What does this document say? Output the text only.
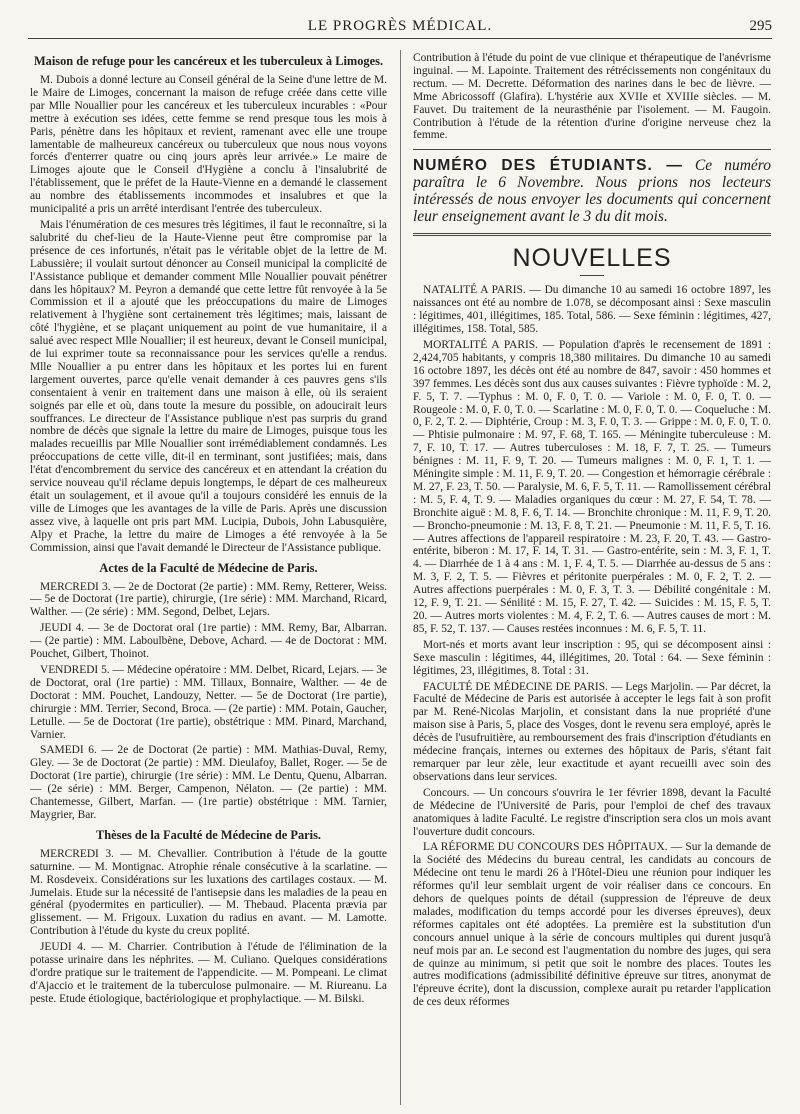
LE PROGRÈS MÉDICAL.	295
Maison de refuge pour les cancéreux et les tuberculeux à Limoges.

M. Dubois a donné lecture au Conseil général de la Seine d'une lettre de M. le Maire de Limoges, concernant la maison de refuge créée dans cette ville par Mlle Nouallier pour les cancéreux et les tuberculeux incurables : «Pour mettre à exécution ses idées, cette femme se rend presque tous les mois à Paris, pénètre dans les hôpitaux et revient, ramenant avec elle une troupe lamentable de malheureux cancéreux ou tuberculeux que nous nous voyons forcés d'enterrer quatre ou cinq jours après leur arrivée.» Le maire de Limoges ajoute que le Conseil d'Hygiène a conclu à l'insalubrité de l'établissement, que le préfet de la Haute-Vienne en a demandé le classement au nombre des établissements incommodes et insalubres et que la municipalité a pris un arrêté interdisant l'entrée des tuberculeux.

Mais l'énumération de ces mesures très légitimes, il faut le reconnaître, si la salubrité du chef-lieu de la Haute-Vienne peut être compromise par la présence de ces infortunés, n'était pas le véritable objet de la lettre de M. Labussière; il voulait surtout dénoncer au Conseil municipal la complicité de l'Assistance publique et demander comment Mlle Nouallier pouvait pénétrer dans les hôpitaux? M. Peyron a demandé que cette lettre fût renvoyée à la 5e Commission et il a ajouté que les préoccupations du maire de Limoges relativement à l'hygiène sont certainement très légitimes; mais, laissant de côté l'hygiène, et se plaçant uniquement au point de vue humanitaire, il a salué avec respect Mlle Nouallier; il est heureux, devant le Conseil municipal, de lui exprimer toute sa reconnaissance pour les services qu'elle a rendus. Mlle Nouallier a pu entrer dans les hôpitaux et les portes lui en furent largement ouvertes, parce qu'elle venait demander à ces pauvres gens s'ils consentaient à venir en traitement dans une maison à elle, où ils seraient soignés par elle et où, dans toute la mesure du possible, on adoucirait leurs souffrances. Le directeur de l'Assistance publique n'est pas surpris du grand nombre de décès que signale la lettre du maire de Limoges, puisque tous les malades recueillis par Mlle Nouallier sont irrémédiablement condamnés. Les préoccupations de cette ville, dit-il en terminant, sont justifiées; mais, dans l'état d'encombrement du service des cancéreux et en attendant la création du service nouveau qu'il réclame depuis longtemps, le départ de ces malheureux était un soulagement, et il avoue qu'il a toujours considéré les ennuis de la ville de Limoges que les avantages de la ville de Paris. Après une discussion assez vive, à laquelle ont pris part MM. Lucipia, Dubois, John Labusquière, Alpy et Prache, la lettre du maire de Limoges a été renvoyée à la 5e Commission, ainsi que l'avait demandé le Directeur de l'Assistance publique.

Actes de la Faculté de Médecine de Paris.

MERCREDI 3. — 2e de Doctorat (2e partie) : MM. Remy, Retterer, Weiss. — 5e de Doctorat (1re partie), chirurgie, (1re série) : MM. Marchand, Ricard, Walther. — (2e série) : MM. Segond, Delbet, Lejars.

JEUDI 4. — 3e de Doctorat oral (1re partie) : MM. Remy, Bar, Albarran. — (2e partie) : MM. Laboulbène, Debove, Achard. — 4e de Doctorat : MM. Pouchet, Gilbert, Thoinot.

VENDREDI 5. — Médecine opératoire : MM. Delbet, Ricard, Lejars. — 3e de Doctorat, oral (1re partie) : MM. Tillaux, Bonnaire, Walther. — 4e de Doctorat : MM. Pouchet, Landouzy, Netter. — 5e de Doctorat (1re partie), chirurgie : MM. Terrier, Second, Broca. — (2e partie) : MM. Potain, Gaucher, Letulle. — 5e de Doctorat (1re partie), obstétrique : MM. Pinard, Marchand, Varnier.

SAMEDI 6. — 2e de Doctorat (2e partie) : MM. Mathias-Duval, Remy, Gley. — 3e de Doctorat (2e partie) : MM. Dieulafoy, Ballet, Roger. — 5e de Doctorat (1re partie), chirurgie (1re série) : MM. Le Dentu, Quenu, Albarran. — (2e série) : MM. Berger, Campenon, Nélaton. — (2e partie) : MM. Chantemesse, Gilbert, Marfan. — (1re partie) obstétrique : MM. Tarnier, Maygrier, Bar.

Thèses de la Faculté de Médecine de Paris.

MERCREDI 3. — M. Chevallier. Contribution à l'étude de la goutte saturnine. — M. Montignac. Atrophie rénale consécutive à la scarlatine. — M. Rosdeveix. Considérations sur les luxations des cartilages costaux. — M. Jumelais. Etude sur la nécessité de l'antisepsie dans les maladies de la peau en général (pyodermites en particulier). — M. Thebaud. Placenta prævia par glissement. — M. Frigoux. Luxation du radius en avant. — M. Lamotte. Contribution à l'étude du kyste du creux poplité.

JEUDI 4. — M. Charrier. Contribution à l'étude de l'élimination de la potasse urinaire dans les néphrites. — M. Culiano. Quelques considérations d'ordre pratique sur le traitement de l'appendicite. — M. Pompeani. Le climat d'Ajaccio et le traitement de la tuberculose pulmonaire. — M. Riureanu. La peste. Etude étiologique, bactériologique et prophylactique. — M. Bilski.

Contribution à l'étude du point de vue clinique et thérapeutique de l'anévrisme inguinal. — M. Lapointe. Traitement des rétrécissements non congénitaux du rectum. — M. Decrette. Déformation des narines dans le bec de lièvre. — Mme Abricossoff (Glafira). L'hystérie aux XVIIe et XVIIIe siècles. — M. Fauvet. Du traitement de la neurasthénie par l'isolement. — M. Faugoin. Contribution à l'étude de la rétention d'urine d'origine nerveuse chez la femme.

NUMÉRO DES ÉTUDIANTS. — Ce numéro paraîtra le 6 Novembre. Nous prions nos lecteurs intéressés de nous envoyer les documents qui concernent leur enseignement avant le 3 du dit mois.
NOUVELLES

NATALITÉ A PARIS. — Du dimanche 10 au samedi 16 octobre 1897, les naissances ont été au nombre de 1.078, se décomposant ainsi : Sexe masculin : légitimes, 401, illégitimes, 185. Total, 586. — Sexe féminin : légitimes, 427, illégitimes, 158. Total, 585.

MORTALITÉ A PARIS. — Population d'après le recensement de 1891 : 2,424,705 habitants, y compris 18,380 militaires. Du dimanche 10 au samedi 16 octobre 1897, les décès ont été au nombre de 847, savoir : 450 hommes et 397 femmes. Les décès sont dus aux causes suivantes : Fièvre typhoïde : M. 2, F. 5, T. 7. —Typhus : M. 0, F. 0, T. 0. — Variole : M. 0, F. 0, T. 0. — Rougeole : M. 0, F. 0, T. 0. — Scarlatine : M. 0, F. 0, T. 0. — Coqueluche : M. 0, F. 2, T. 2. — Diphtérie, Croup : M. 3, F. 0, T. 3. — Grippe : M. 0, F. 0, T. 0. — Phtisie pulmonaire : M. 97, F. 68, T. 165. — Méningite tuberculeuse : M. 7, F. 10, T. 17. — Autres tuberculoses : M. 18, F. 7, T. 25. — Tumeurs bénignes : M. 11, F. 9, T. 20. — Tumeurs malignes : M. 0, F. 1, T. 1. — Méningite simple : M. 11, F. 9, T. 20. — Congestion et hémorragie cérébrale : M. 27, F. 23, T. 50. — Paralysie, M. 6, F. 5, T. 11. — Ramollissement cérébral : M. 5, F. 4, T. 9. — Maladies organiques du cœur : M. 27, F. 54, T. 78. — Bronchite aiguë : M. 8, F. 6, T. 14. — Bronchite chronique : M. 11, F. 9, T. 20. — Broncho-pneumonie : M. 13, F. 8, T. 21. — Pneumonie : M. 11, F. 5, T. 16. — Autres affections de l'appareil respiratoire : M. 23, F. 20, T. 43. — Gastro-entérite, biberon : M. 17, F. 14, T. 31. — Gastro-entérite, sein : M. 3, F. 1, T. 4. — Diarrhée de 1 à 4 ans : M. 1, F. 4, T. 5. — Diarrhée au-dessus de 5 ans : M. 3, F. 2, T. 5. — Fièvres et péritonite puerpérales : M. 0, F. 2, T. 2. — Autres affections puerpérales : M. 0, F. 3, T. 3. — Débilité congénitale : M. 12, F. 9, T. 21. — Sénilité : M. 15, F. 27, T. 42. — Suicides : M. 15, F. 5, T. 20. — Autres morts violentes : M. 4, F. 2, T. 6. — Autres causes de mort : M. 85, F. 52, T. 137. — Causes restées inconnues : M. 6, F. 5, T. 11.

Mort-nés et morts avant leur inscription : 95, qui se décomposent ainsi : Sexe masculin : légitimes, 44, illégitimes, 20. Total : 64. — Sexe féminin : légitimes, 23, illégitimes, 8. Total : 31.

FACULTÉ DE MÉDECINE DE PARIS. — Legs Marjolin. — Par décret, la Faculté de Médecine de Paris est autorisée à accepter le legs fait à son profit par M. René-Nicolas Marjolin, et consistant dans la nue propriété d'une maison sise à Paris, 5, place des Vosges, dont le revenu sera employé, après le décès de l'usufruitière, au remboursement des frais d'inscription d'étudiants en médecine français, internes ou externes des hôpitaux de Paris, s'étant fait remarquer par leur zèle, leur exactitude et ayant recueilli avec soin des observations dans leur services.

Concours. — Un concours s'ouvrira le 1er février 1898, devant la Faculté de Médecine de l'Université de Paris, pour l'emploi de chef des travaux anatomiques à ladite Faculté. Le registre d'inscription sera clos un mois avant l'ouverture dudit concours.

LA RÉFORME DU CONCOURS DES HÔPITAUX. — Sur la demande de la Société des Médecins du bureau central, les candidats au concours de Médecine ont tenu le mardi 26 à l'Hôtel-Dieu une réunion pour indiquer les réformes qu'il leur semblait urgent de voir réaliser dans ce concours. En dehors de quelques points de détail (suppression de l'épreuve de deux malades, modification du temps accordé pour les diverses épreuves), deux réformes capitales ont été adoptées. La première est la substitution d'un concours annuel unique à la série de concours multiples qui durent jusqu'à neuf mois par an. Le second est l'augmentation du nombre des juges, qui sera de quinze au minimum, si petit que soit le nombre des places. Toutes les autres modifications (admissibilité définitive épreuve sur titres, anonymat de l'épreuve écrite), dont la discussion, complexe aurait pu retarder l'application de ces deux réformes
